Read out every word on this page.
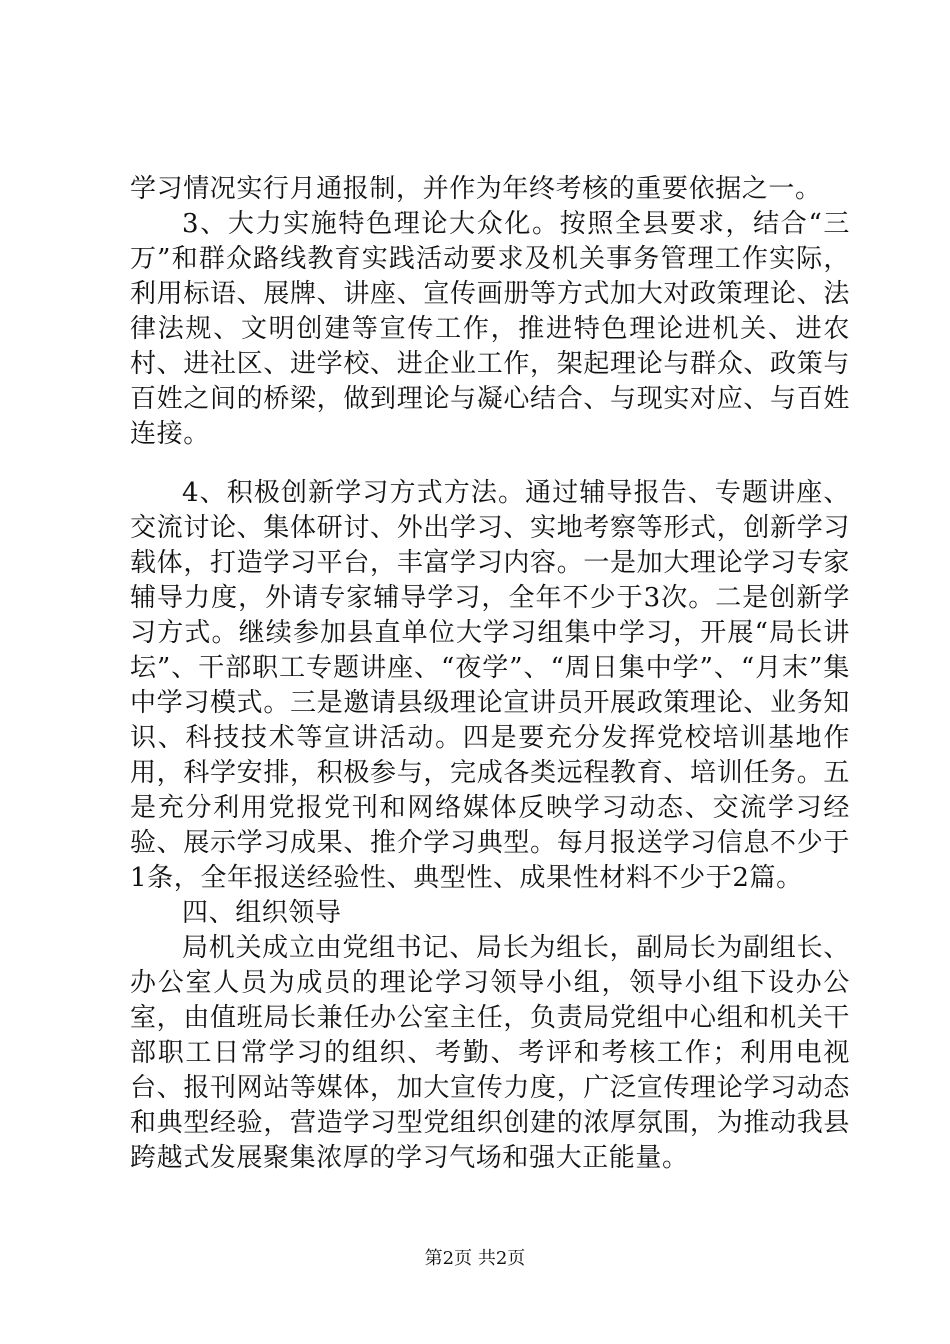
学习情况实行月通报制，并作为年终考核的重要依据之一。

3、大力实施特色理论大众化。按照全县要求，结合“三万”和群众路线教育实践活动要求及机关事务管理工作实际，利用标语、展牌、讲座、宣传画册等方式加大对政策理论、法律法规、文明创建等宣传工作，推进特色理论进机关、进农村、进社区、进学校、进企业工作，架起理论与群众、政策与百姓之间的桥梁，做到理论与凝心结合、与现实对应、与百姓连接。

4、积极创新学习方式方法。通过辅导报告、专题讲座、交流讨论、集体研讨、外出学习、实地考察等形式，创新学习载体，打造学习平台，丰富学习内容。一是加大理论学习专家辅导力度，外请专家辅导学习，全年不少于3次。二是创新学习方式。继续参加县直单位大学习组集中学习，开展“局长讲坛”、干部职工专题讲座、“夜学”、“周日集中学”、“月末”集中学习模式。三是邀请县级理论宣讲员开展政策理论、业务知识、科技技术等宣讲活动。四是要充分发挥党校培训基地作用，科学安排，积极参与，完成各类远程教育、培训任务。五是充分利用党报党刊和网络媒体反映学习动态、交流学习经验、展示学习成果、推介学习典型。每月报送学习信息不少于1条，全年报送经验性、典型性、成果性材料不少于2篇。

四、组织领导

局机关成立由党组书记、局长为组长，副局长为副组长、办公室人员为成员的理论学习领导小组，领导小组下设办公室，由值班局长兼任办公室主任，负责局党组中心组和机关干部职工日常学习的组织、考勤、考评和考核工作；利用电视台、报刊网站等媒体，加大宣传力度，广泛宣传理论学习动态和典型经验，营造学习型党组织创建的浓厚氛围，为推动我县跨越式发展聚集浓厚的学习气场和强大正能量。

第2页 共2页
